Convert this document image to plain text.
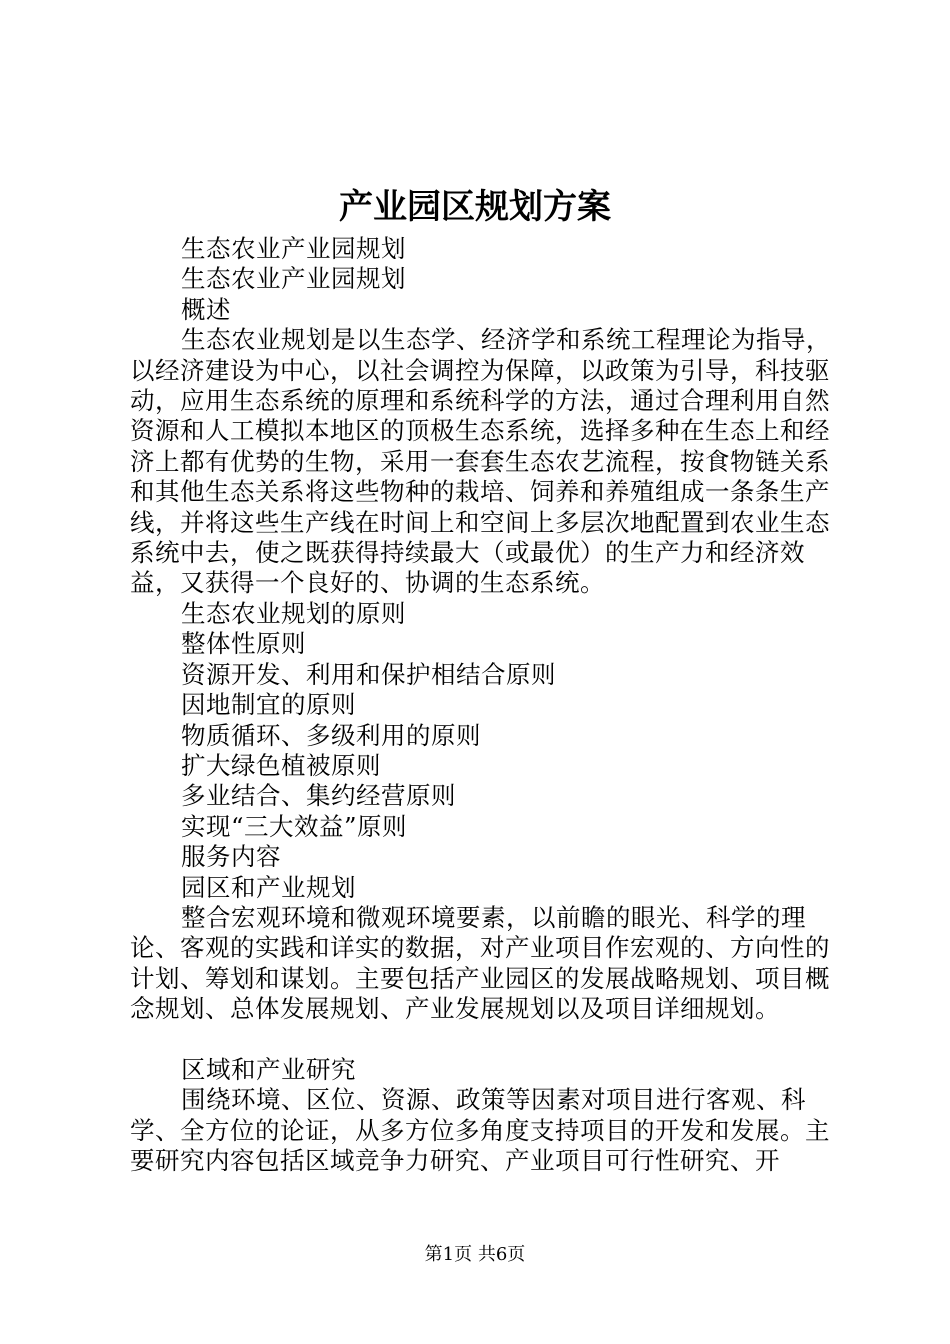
产业园区规划方案

生态农业产业园规划

生态农业产业园规划

概述

生态农业规划是以生态学、经济学和系统工程理论为指导，以经济建设为中心，以社会调控为保障，以政策为引导，科技驱动，应用生态系统的原理和系统科学的方法，通过合理利用自然资源和人工模拟本地区的顶极生态系统，选择多种在生态上和经济上都有优势的生物，采用一套套生态农艺流程，按食物链关系和其他生态关系将这些物种的栽培、饲养和养殖组成一条条生产线，并将这些生产线在时间上和空间上多层次地配置到农业生态系统中去，使之既获得持续最大（或最优）的生产力和经济效益，又获得一个良好的、协调的生态系统。

生态农业规划的原则

整体性原则

资源开发、利用和保护相结合原则

因地制宜的原则

物质循环、多级利用的原则

扩大绿色植被原则

多业结合、集约经营原则

实现“三大效益”原则

服务内容

园区和产业规划

整合宏观环境和微观环境要素，以前瞻的眼光、科学的理论、客观的实践和详实的数据，对产业项目作宏观的、方向性的计划、筹划和谋划。主要包括产业园区的发展战略规划、项目概念规划、总体发展规划、产业发展规划以及项目详细规划。

区域和产业研究

围绕环境、区位、资源、政策等因素对项目进行客观、科学、全方位的论证，从多方位多角度支持项目的开发和发展。主要研究内容包括区域竞争力研究、产业项目可行性研究、开

第1页 共6页
